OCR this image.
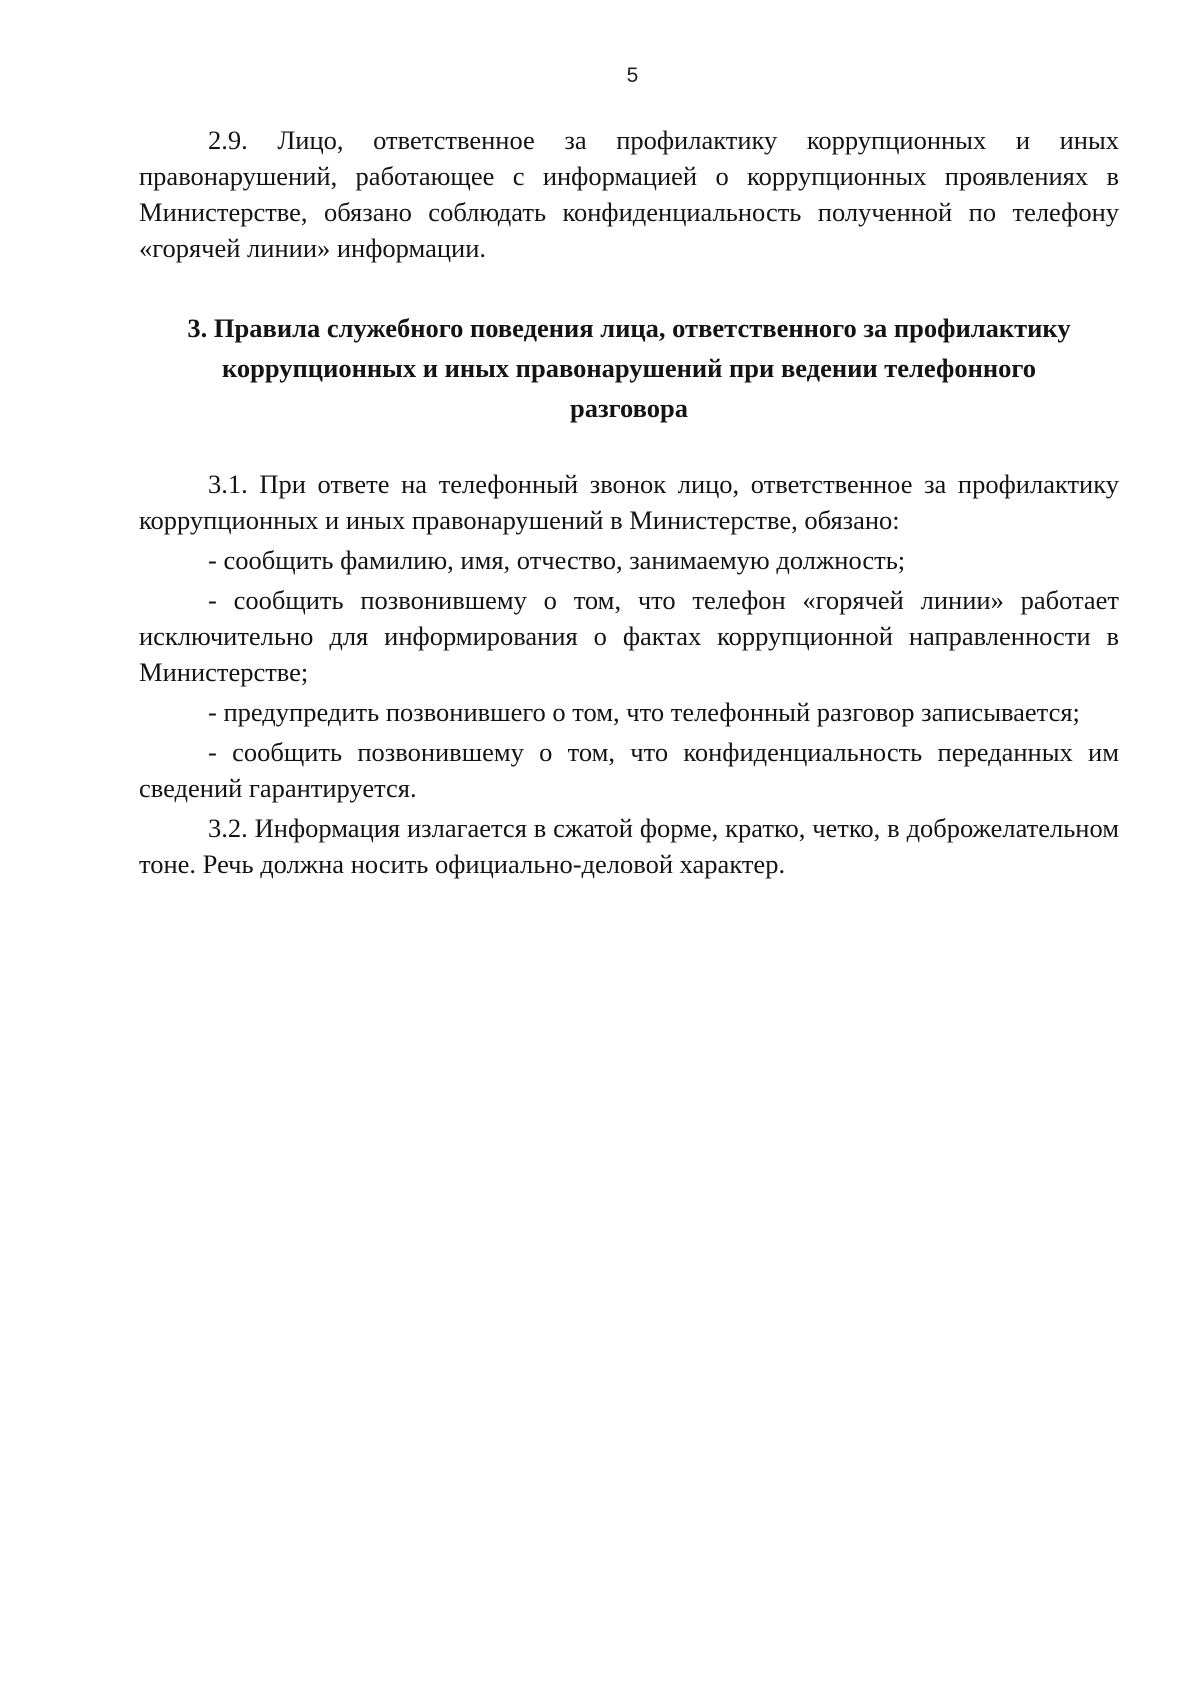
5

2.9. Лицо, ответственное за профилактику коррупционных и иных правонарушений, работающее с информацией о коррупционных проявлениях в Министерстве, обязано соблюдать конфиденциальность полученной по телефону «горячей линии» информации.

3. Правила служебного поведения лица, ответственного за профилактику
коррупционных и иных правонарушений при ведении телефонного
разговора

3.1. При ответе на телефонный звонок лицо, ответственное за профилактику коррупционных и иных правонарушений в Министерстве, обязано:

- сообщить фамилию, имя, отчество, занимаемую должность;

- сообщить позвонившему о том, что телефон «горячей линии» работает исключительно для информирования о фактах коррупционной направленности в Министерстве;

- предупредить позвонившего о том, что телефонный разговор записывается;

- сообщить позвонившему о том, что конфиденциальность переданных им сведений гарантируется.

3.2. Информация излагается в сжатой форме, кратко, четко, в доброжелательном тоне. Речь должна носить официально-деловой характер.
